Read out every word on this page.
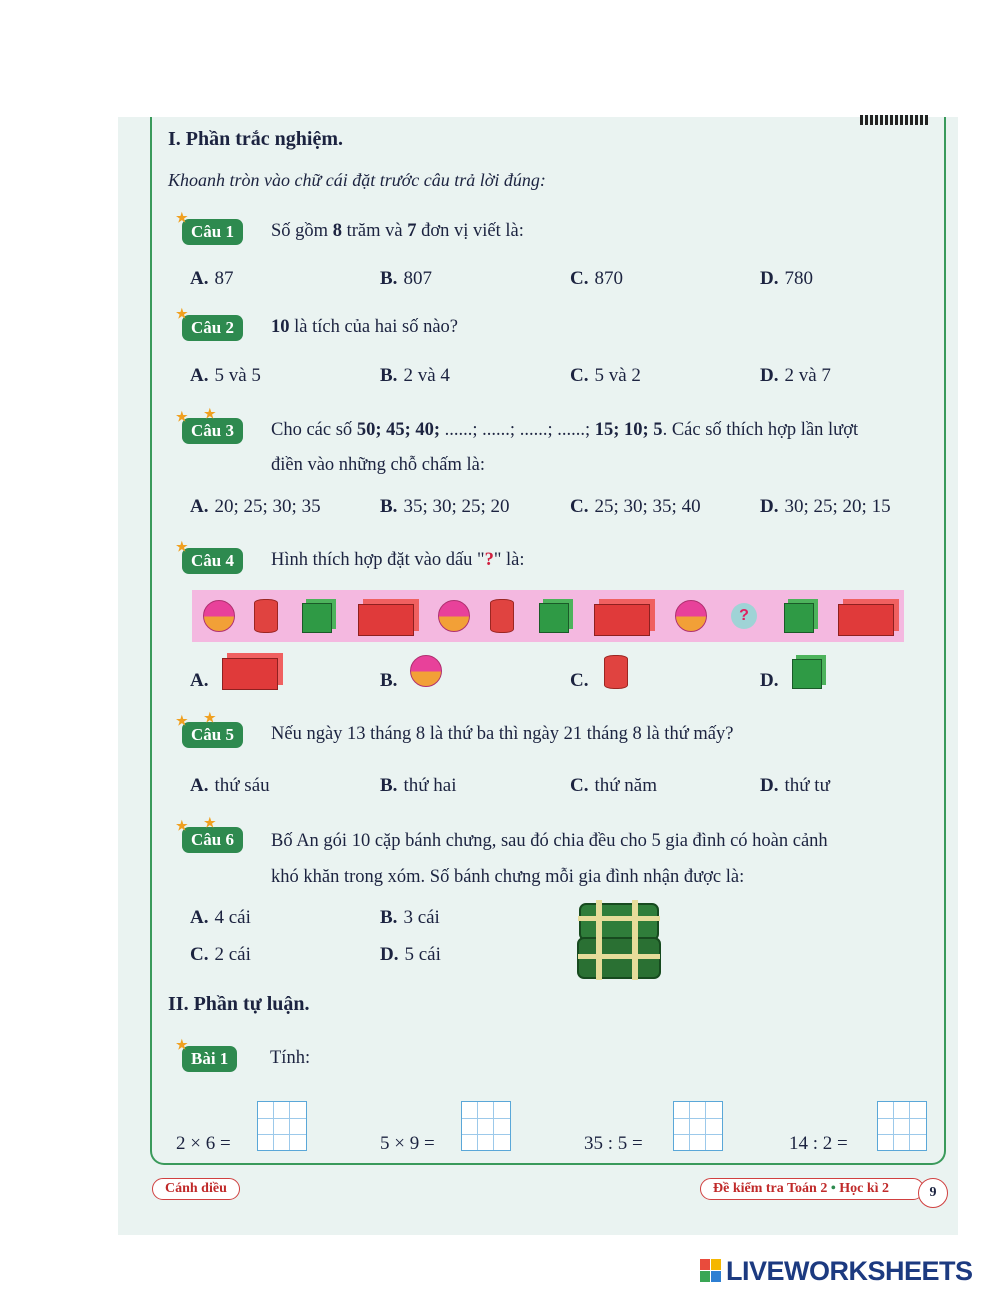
I. Phần trắc nghiệm.
Khoanh tròn vào chữ cái đặt trước câu trả lời đúng:
★
Câu 1	Số gồm 8 trăm và 7 đơn vị viết là:
A. 87	B. 807	C. 870	D. 780
★
Câu 2	10 là tích của hai số nào?
A. 5 và 5	B. 2 và 4	C. 5 và 2	D. 2 và 7
★ ★
Câu 3	Cho các số 50; 45; 40; ......; ......; ......; ......; 15; 10; 5. Các số thích hợp lần lượt
điền vào những chỗ chấm là:
A. 20; 25; 30; 35	B. 35; 30; 25; 20	C. 25; 30; 35; 40	D. 30; 25; 20; 15
★
Câu 4	Hình thích hợp đặt vào dấu "?" là:
?
A.	B.	C.	D.
★ ★
Câu 5	Nếu ngày 13 tháng 8 là thứ ba thì ngày 21 tháng 8 là thứ mấy?
A. thứ sáu	B. thứ hai	C. thứ năm	D. thứ tư
★ ★
Câu 6	Bố An gói 10 cặp bánh chưng, sau đó chia đều cho 5 gia đình có hoàn cảnh
khó khăn trong xóm. Số bánh chưng mỗi gia đình nhận được là:
A. 4 cái	B. 3 cái
C. 2 cái	D. 5 cái
II. Phần tự luận.
★
Bài 1	Tính:
2 × 6 =	5 × 9 =	35 : 5 =	14 : 2 =
Cánh diều	Đề kiểm tra Toán 2 • Học kì 2	9
LIVEWORKSHEETS
